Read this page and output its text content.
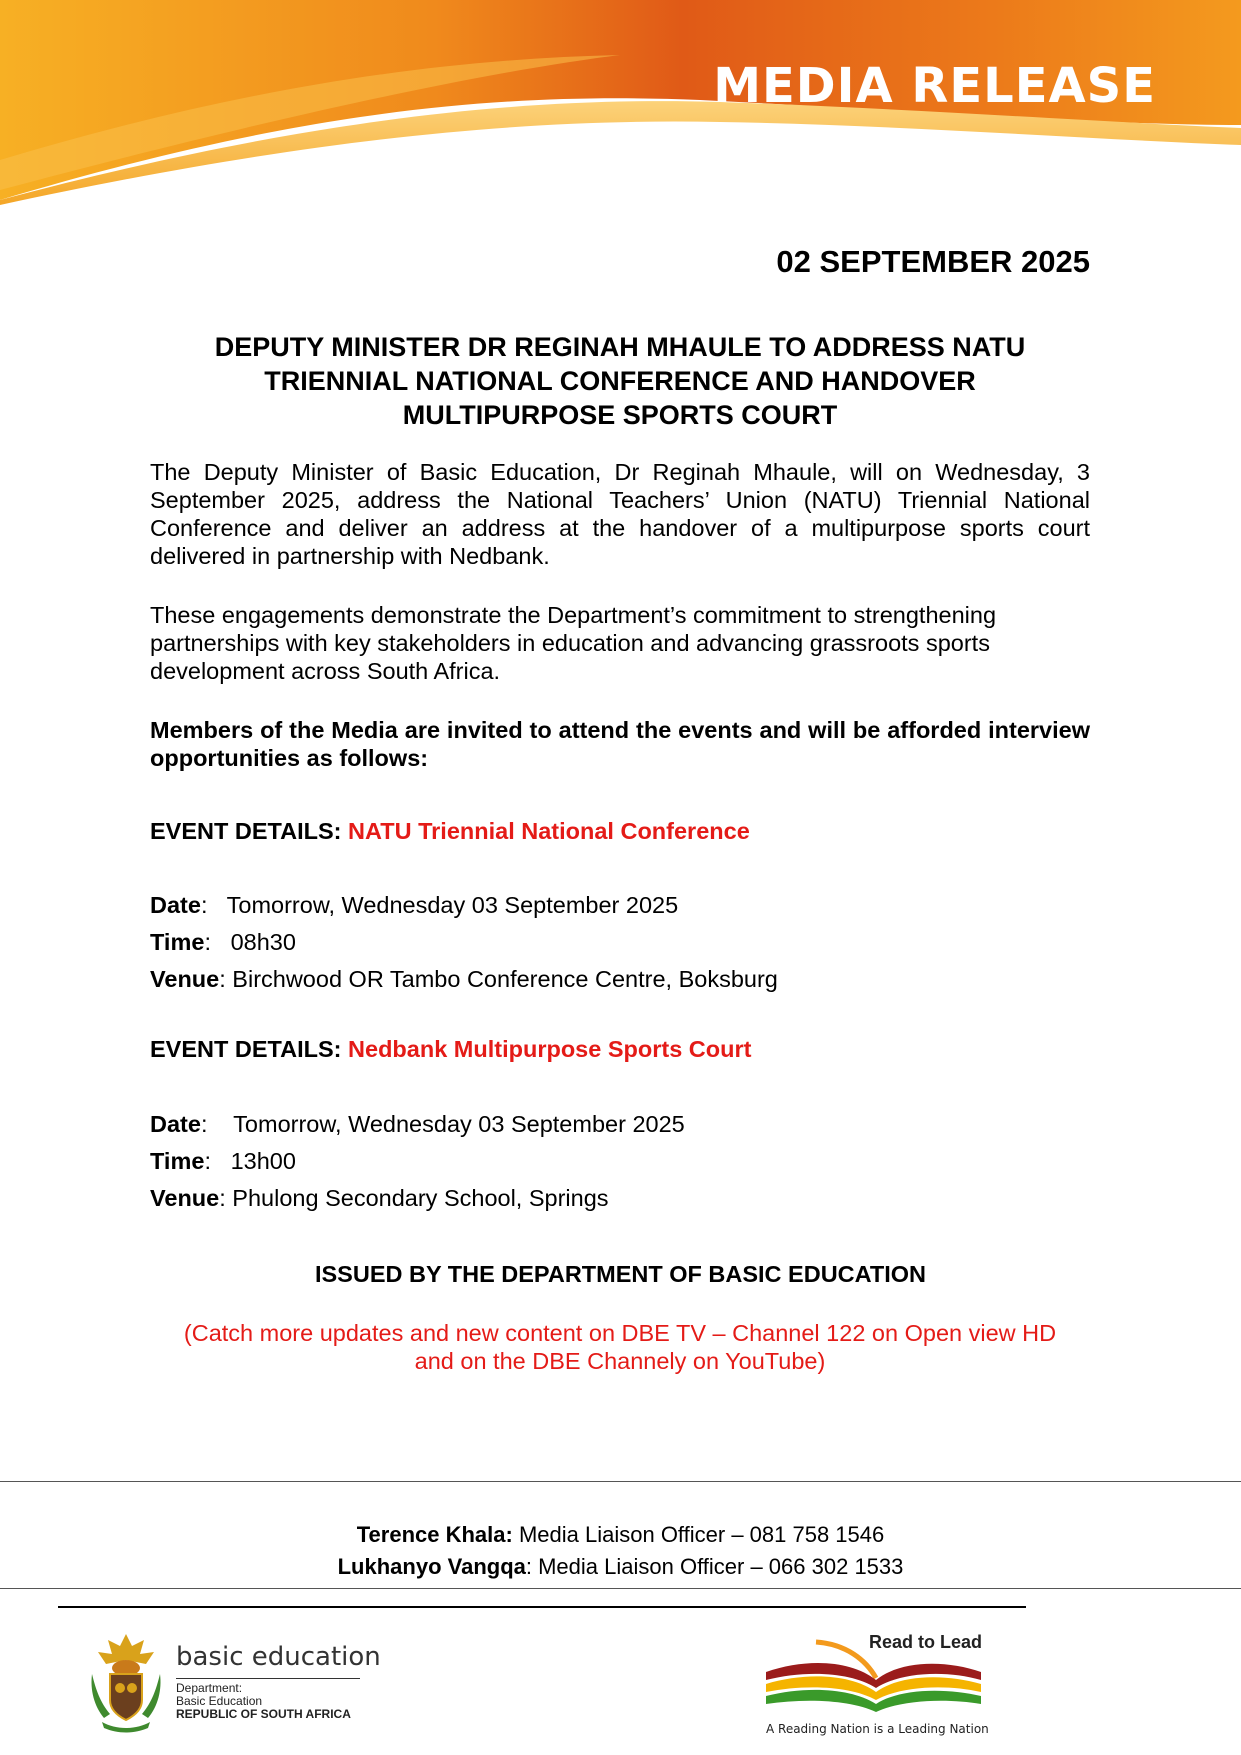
MEDIA RELEASE
02 SEPTEMBER 2025
DEPUTY MINISTER DR REGINAH MHAULE TO ADDRESS NATU
TRIENNIAL NATIONAL CONFERENCE AND HANDOVER
MULTIPURPOSE SPORTS COURT
The Deputy Minister of Basic Education, Dr Reginah Mhaule, will on Wednesday, 3 September 2025, address the National Teachers’ Union (NATU) Triennial National Conference and deliver an address at the handover of a multipurpose sports court delivered in partnership with Nedbank.
These engagements demonstrate the Department’s commitment to strengthening partnerships with key stakeholders in education and advancing grassroots sports development across South Africa.
Members of the Media are invited to attend the events and will be afforded interview opportunities as follows:
EVENT DETAILS: NATU Triennial National Conference
Date:   Tomorrow, Wednesday 03 September 2025
Time:   08h30
Venue: Birchwood OR Tambo Conference Centre, Boksburg
EVENT DETAILS: Nedbank Multipurpose Sports Court
Date:    Tomorrow, Wednesday 03 September 2025
Time:   13h00
Venue: Phulong Secondary School, Springs
ISSUED BY THE DEPARTMENT OF BASIC EDUCATION
(Catch more updates and new content on DBE TV – Channel 122 on Open view HD
and on the DBE Channely on YouTube)
Terence Khala: Media Liaison Officer – 081 758 1546
Lukhanyo Vangqa: Media Liaison Officer – 066 302 1533
basic education
Department:
Basic Education
REPUBLIC OF SOUTH AFRICA
Read to Lead
A Reading Nation is a Leading Nation
